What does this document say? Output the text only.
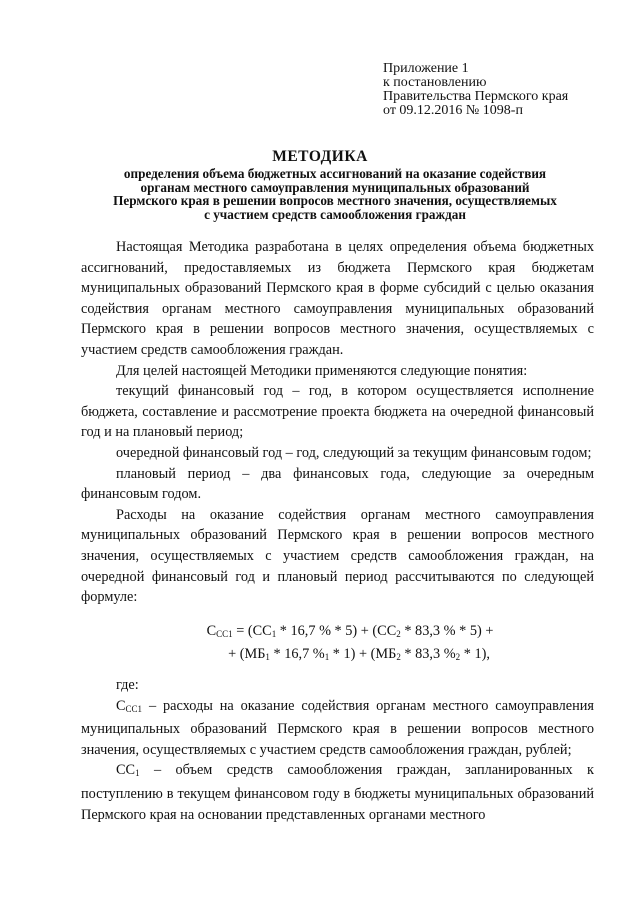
Приложение 1
к постановлению
Правительства Пермского края
от 09.12.2016 № 1098-п
МЕТОДИКА
определения объема бюджетных ассигнований на оказание содействия
органам местного самоуправления муниципальных образований
Пермского края в решении вопросов местного значения, осуществляемых
с участием средств самообложения граждан

Настоящая Методика разработана в целях определения объема бюджетных ассигнований, предоставляемых из бюджета Пермского края бюджетам муниципальных образований Пермского края в форме субсидий с целью оказания содействия органам местного самоуправления муниципальных образований Пермского края в решении вопросов местного значения, осуществляемых с участием средств самообложения граждан.

Для целей настоящей Методики применяются следующие понятия:

текущий финансовый год – год, в котором осуществляется исполнение бюджета, составление и рассмотрение проекта бюджета на очередной финансовый год и на плановый период;

очередной финансовый год – год, следующий за текущим финансовым годом;

плановый период – два финансовых года, следующие за очередным финансовым годом.

Расходы на оказание содействия органам местного самоуправления муниципальных образований Пермского края в решении вопросов местного значения, осуществляемых с участием средств самообложения граждан, на очередной финансовый год и плановый период рассчитываются по следующей формуле:

$С_{СС1} = (СС_1 * 16,7$ % * $5) + (СС_2 * 83,3$ % * 5) +
+ ($МБ_1 * 16,7$ $\%_1 * 1) + (МБ_2 * 83,3$ $\%_2 * 1$),

где:

$С_{СС1}$ – расходы на оказание содействия органам местного самоуправления муниципальных образований Пермского края в решении вопросов местного значения, осуществляемых с участием средств самообложения граждан, рублей;

$СС_1$ – объем средств самообложения граждан, запланированных к поступлению в текущем финансовом году в бюджеты муниципальных образований Пермского края на основании представленных органами местного
